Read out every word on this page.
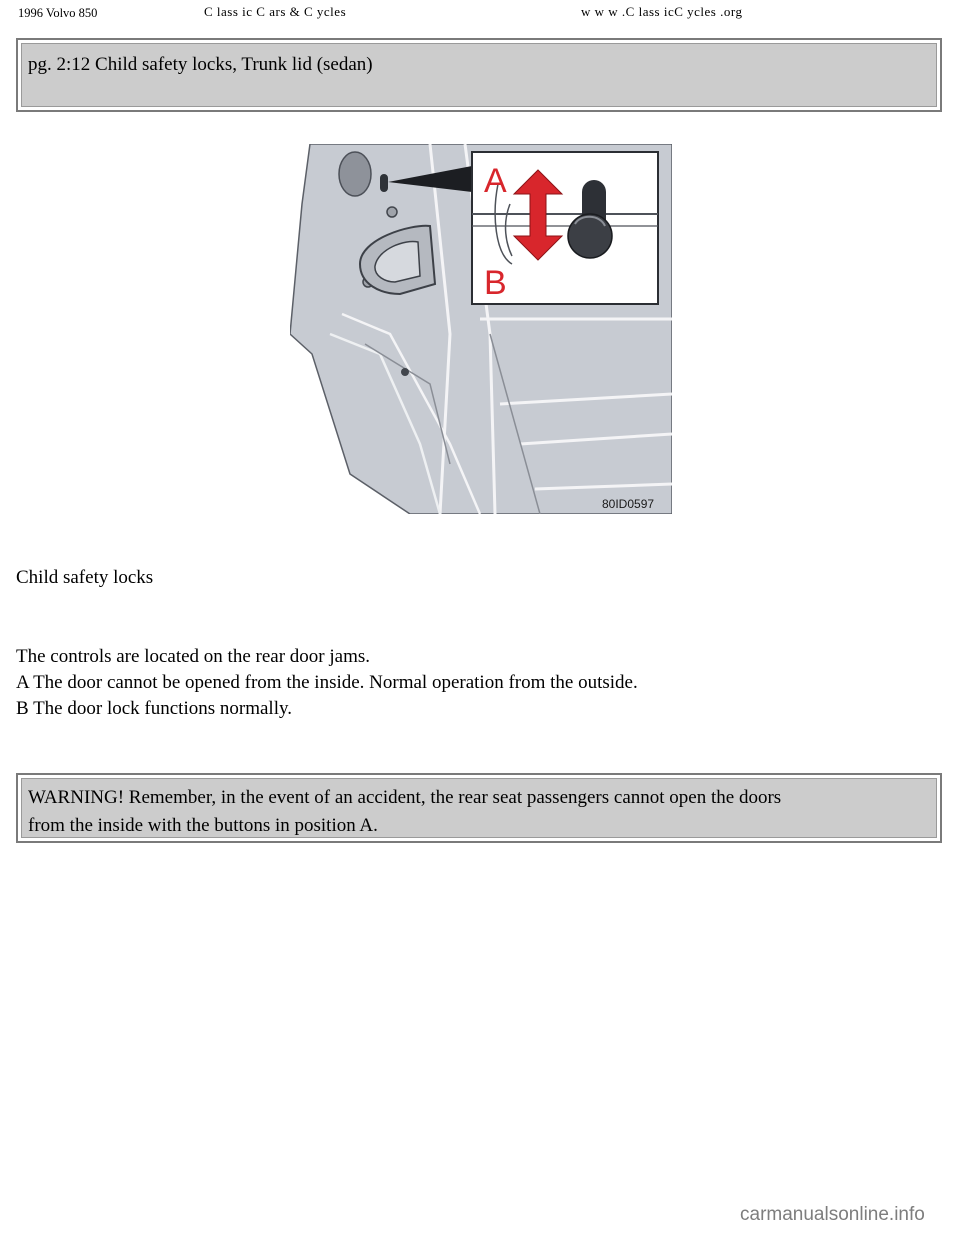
1996 Volvo 850	C lass ic C ars & C ycles	w w w .C lass icC ycles .org
pg. 2:12 Child safety locks, Trunk lid (sedan)
A
B
80ID0597
Child safety locks
The controls are located on the rear door jams.
A The door cannot be opened from the inside. Normal operation from the outside.
B The door lock functions normally.
WARNING! Remember, in the event of an accident, the rear seat passengers cannot open the doors
from the inside with the buttons in position A.
carmanualsonline.info
